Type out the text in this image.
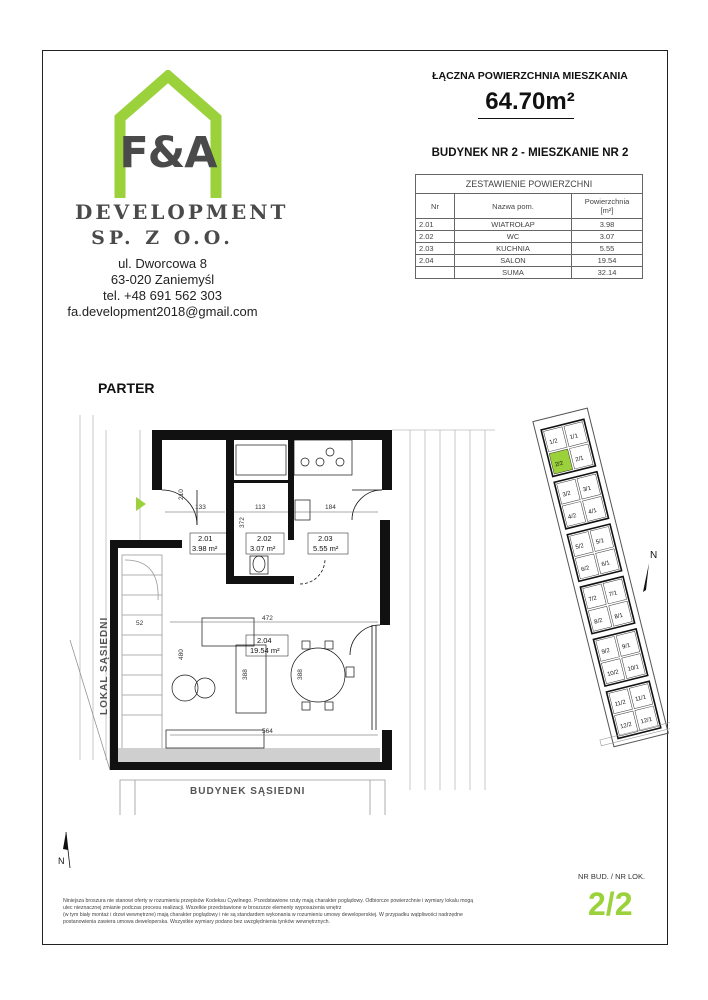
F&A
DEVELOPMENT
SP. Z O.O.
ul. Dworcowa 8
63-020 Zaniemyśl
tel. +48 691 562 303
fa.development2018@gmail.com
ŁĄCZNA POWIERZCHNIA MIESZKANIA
64.70m²
BUDYNEK NR 2 - MIESZKANIE NR 2
ZESTAWIENIE POWIERZCHNI		
Nr	Nazwa pom.	Powierzchnia
[m²]
2.01	WIATROŁAP	3.98
2.02	WC	3.07
2.03	KUCHNIA	5.55
2.04	SALON	19.54
	SUMA	32.14
PARTER
2.01
3.98 m²
2.02
3.07 m²
2.03
5.55 m²
2.04
19.54 m²
133	113	184
372
210
472
480
388	388
564
52
LOKAL SĄSIEDNI
BUDYNEK SĄSIEDNI
N
1/2
1/1
2/2
2/1
3/2
3/1
4/2
4/1
5/2
5/1
6/2
6/1
7/2
7/1
8/2
8/1
9/2
9/1
10/2
10/1
11/2
11/1
12/2
12/1
N
Niniejsza broszura nie stanowi oferty w rozumieniu przepisów Kodeksu Cywilnego. Przedstawione rzuty mają charakter poglądowy. Odbiorcze powierzchnie i wymiary lokalu mogą
ulec nieznacznej zmianie podczas procesu realizacji. Wszelkie przedstawione w broszurze elementy wyposażenia wnętrz
(w tym biały montaż i drzwi wewnętrzne) mają charakter poglądowy i nie są standardem wykonania w rozumieniu umowy deweloperskiej. W przypadku wątpliwości nadrzędne
postanowienia zawiera umowa deweloperska. Wszystkie wymiary podano bez uwzględnienia tynków wewnętrznych.
NR BUD. / NR LOK.
2/2
